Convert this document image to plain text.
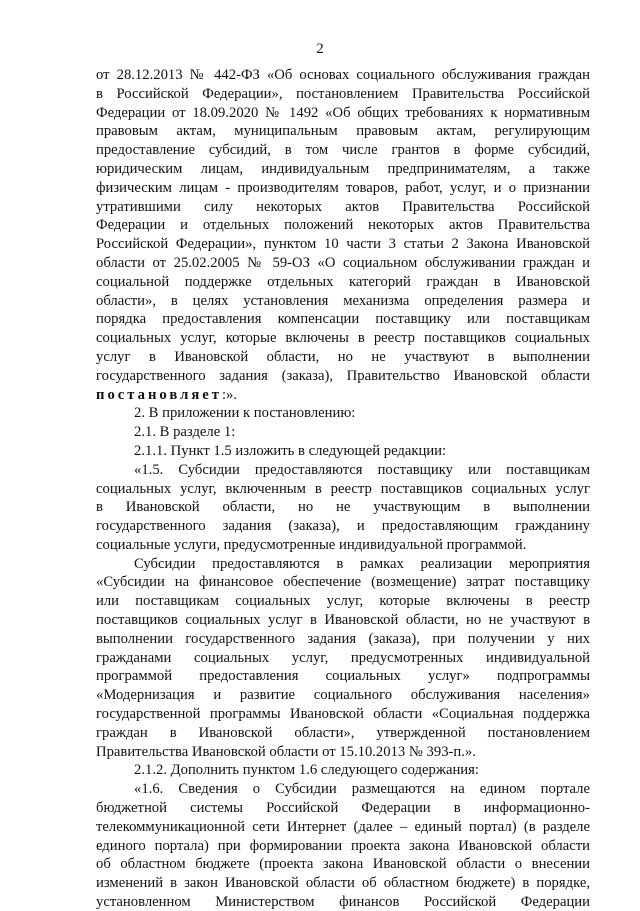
2
от 28.12.2013 № 442-ФЗ «Об основах социального обслуживания граждан
в Российской Федерации», постановлением Правительства Российской
Федерации от 18.09.2020 № 1492 «Об общих требованиях к нормативным
правовым актам, муниципальным правовым актам, регулирующим
предоставление субсидий, в том числе грантов в форме субсидий,
юридическим лицам, индивидуальным предпринимателям, а также
физическим лицам - производителям товаров, работ, услуг, и о признании
утратившими силу некоторых актов Правительства Российской
Федерации и отдельных положений некоторых актов Правительства
Российской Федерации», пунктом 10 части 3 статьи 2 Закона Ивановской
области от 25.02.2005 № 59-ОЗ «О социальном обслуживании граждан и
социальной поддержке отдельных категорий граждан в Ивановской
области», в целях установления механизма определения размера и
порядка предоставления компенсации поставщику или поставщикам
социальных услуг, которые включены в реестр поставщиков социальных
услуг в Ивановской области, но не участвуют в выполнении
государственного задания (заказа), Правительство Ивановской области
постановляет:».
2. В приложении к постановлению:
2.1. В разделе 1:
2.1.1. Пункт 1.5 изложить в следующей редакции:
«1.5. Субсидии предоставляются поставщику или поставщикам
социальных услуг, включенным в реестр поставщиков социальных услуг
в Ивановской области, но не участвующим в выполнении
государственного задания (заказа), и предоставляющим гражданину
социальные услуги, предусмотренные индивидуальной программой.
Субсидии предоставляются в рамках реализации мероприятия
«Субсидии на финансовое обеспечение (возмещение) затрат поставщику
или поставщикам социальных услуг, которые включены в реестр
поставщиков социальных услуг в Ивановской области, но не участвуют в
выполнении государственного задания (заказа), при получении у них
гражданами социальных услуг, предусмотренных индивидуальной
программой предоставления социальных услуг» подпрограммы
«Модернизация и развитие социального обслуживания населения»
государственной программы Ивановской области «Социальная поддержка
граждан в Ивановской области», утвержденной постановлением
Правительства Ивановской области от 15.10.2013 № 393-п.».
2.1.2. Дополнить пунктом 1.6 следующего содержания:
«1.6. Сведения о Субсидии размещаются на едином портале
бюджетной системы Российской Федерации в информационно-
телекоммуникационной сети Интернет (далее – единый портал) (в разделе
единого портала) при формировании проекта закона Ивановской области
об областном бюджете (проекта закона Ивановской области о внесении
изменений в закон Ивановской области об областном бюджете) в порядке,
установленном Министерством финансов Российской Федерации
